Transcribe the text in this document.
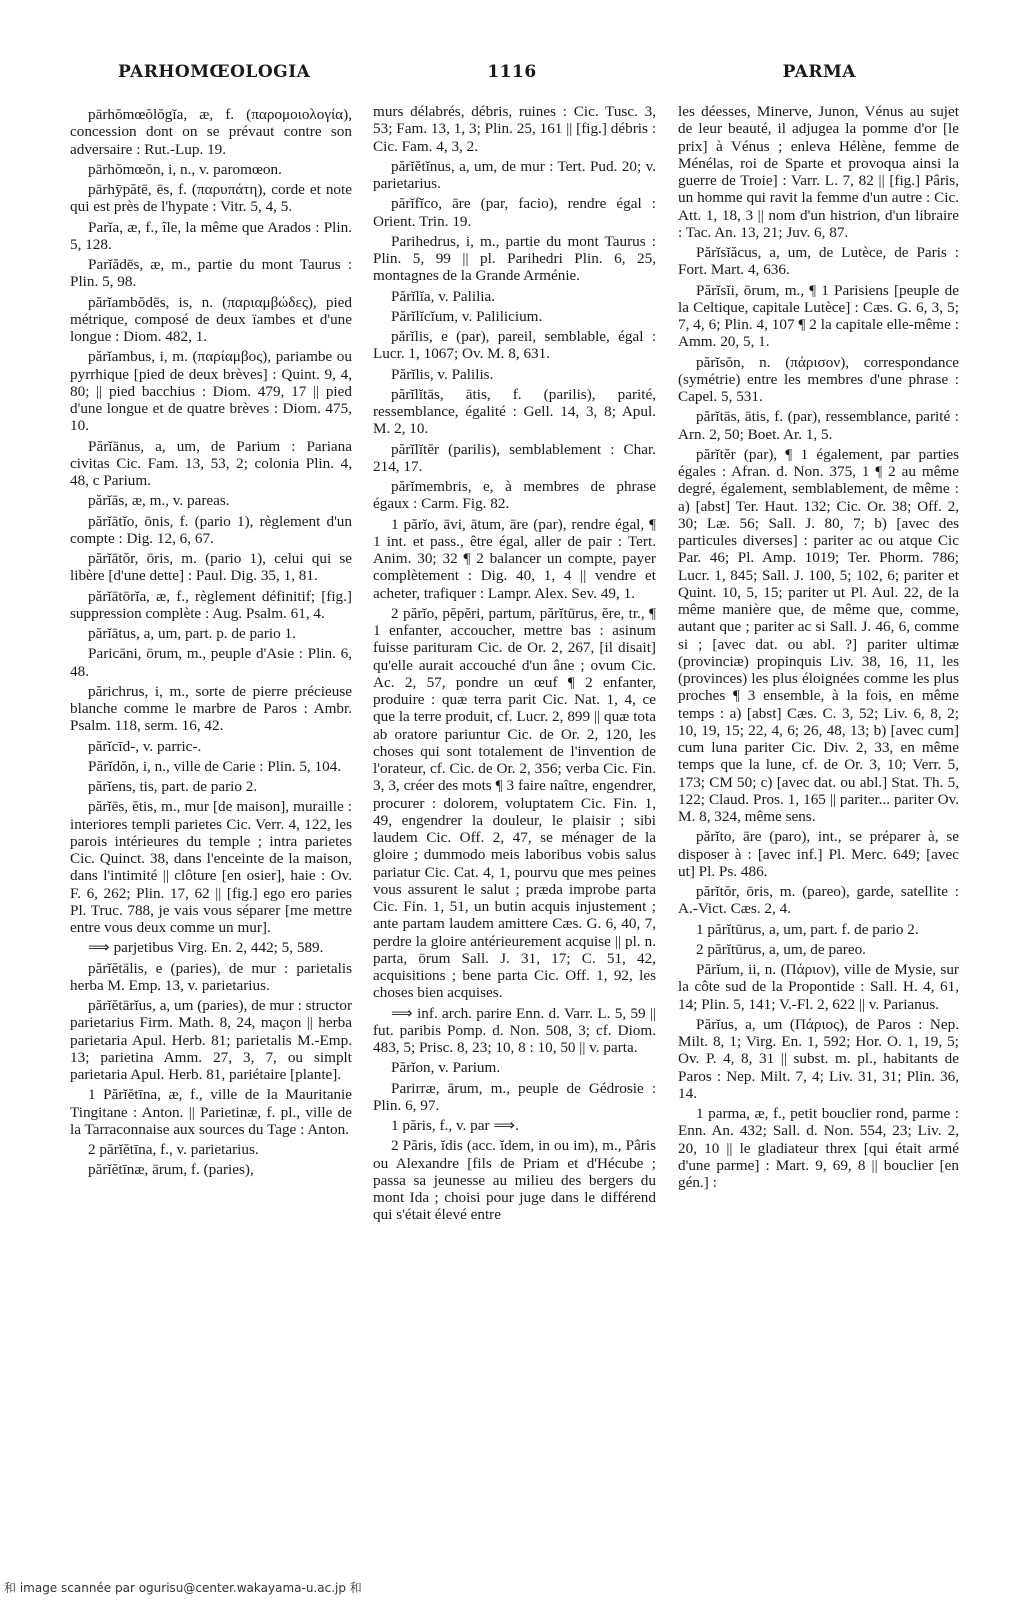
PARHOMŒOLOGIA	1116	PARMA

pārhŏmœŏlŏgĭa, æ, f. (παρομοιολογία), concession dont on se prévaut contre son adversaire : Rut.-Lup. 19.

pārhŏmœŏn, i, n., v. paromœon.

pārhȳpătē, ēs, f. (παρυπάτη), corde et note qui est près de l'hypate : Vitr. 5, 4, 5.

Parĭa, æ, f., île, la même que Arados : Plin. 5, 128.

Parĭădēs, æ, m., partie du mont Taurus : Plin. 5, 98.

părĭambŏdēs, is, n. (παριαμβώδες), pied métrique, composé de deux ïambes et d'une longue : Diom. 482, 1.

părĭambus, i, m. (παρίαμβος), pariambe ou pyrrhique [pied de deux brèves] : Quint. 9, 4, 80; || pied bacchius : Diom. 479, 17 || pied d'une longue et de quatre brèves : Diom. 475, 10.

Părĭānus, a, um, de Parium : Pariana civitas Cic. Fam. 13, 53, 2; colonia Plin. 4, 48, c Parium.

părĭās, æ, m., v. pareas.

părĭātĭo, ōnis, f. (pario 1), règlement d'un compte : Dig. 12, 6, 67.

părĭātŏr, ōris, m. (pario 1), celui qui se libère [d'une dette] : Paul. Dig. 35, 1, 81.

părĭātōrĭa, æ, f., règlement définitif; [fig.] suppression complète : Aug. Psalm. 61, 4.

părĭātus, a, um, part. p. de pario 1.

Paricāni, ōrum, m., peuple d'Asie : Plin. 6, 48.

părichrus, i, m., sorte de pierre précieuse blanche comme le marbre de Paros : Ambr. Psalm. 118, serm. 16, 42.

părĭcīd-, v. parric-.

Părĭdŏn, i, n., ville de Carie : Plin. 5, 104.

părĭens, tis, part. de pario 2.

părĭēs, ĕtis, m., mur [de maison], muraille : interiores templi parietes Cic. Verr. 4, 122, les parois intérieures du temple ; intra parietes Cic. Quinct. 38, dans l'enceinte de la maison, dans l'intimité || clôture [en osier], haie : Ov. F. 6, 262; Plin. 17, 62 || [fig.] ego ero paries Pl. Truc. 788, je vais vous séparer [me mettre entre vous deux comme un mur].

⟹ parjetibus Virg. En. 2, 442; 5, 589.

părĭĕtālis, e (paries), de mur : parietalis herba M. Emp. 13, v. parietarius.

părĭĕtārĭus, a, um (paries), de mur : structor parietarius Firm. Math. 8, 24, maçon || herba parietaria Apul. Herb. 81; parietalis M.-Emp. 13; parietina Amm. 27, 3, 7, ou simplt parietaria Apul. Herb. 81, pariétaire [plante].

1 Părĭĕtīna, æ, f., ville de la Mauritanie Tingitane : Anton. || Parietinæ, f. pl., ville de la Tarraconnaise aux sources du Tage : Anton.

2 părĭĕtīna, f., v. parietarius.

părĭĕtīnæ, ārum, f. (paries),

murs délabrés, débris, ruines : Cic. Tusc. 3, 53; Fam. 13, 1, 3; Plin. 25, 161 || [fig.] débris : Cic. Fam. 4, 3, 2.

părĭĕtĭnus, a, um, de mur : Tert. Pud. 20; v. parietarius.

părĭfĭco, āre (par, facio), rendre égal : Orient. Trin. 19.

Parihedrus, i, m., partie du mont Taurus : Plin. 5, 99 || pl. Parihedri Plin. 6, 25, montagnes de la Grande Arménie.

Părĭlĭa, v. Palilia.

Părĭlĭcĭum, v. Palilicium.

părĭlis, e (par), pareil, semblable, égal : Lucr. 1, 1067; Ov. M. 8, 631.

Părĭlis, v. Palilis.

părĭlĭtās, ātis, f. (parilis), parité, ressemblance, égalité : Gell. 14, 3, 8; Apul. M. 2, 10.

părĭlĭtĕr (parilis), semblablement : Char. 214, 17.

părĭmembris, e, à membres de phrase égaux : Carm. Fig. 82.

1 părĭo, āvi, ātum, āre (par), rendre égal, ¶ 1 int. et pass., être égal, aller de pair : Tert. Anim. 30; 32 ¶ 2 balancer un compte, payer complètement : Dig. 40, 1, 4 || vendre et acheter, trafiquer : Lampr. Alex. Sev. 49, 1.

2 părĭo, pĕpĕri, partum, părĭtūrus, ĕre, tr., ¶ 1 enfanter, accoucher, mettre bas : asinum fuisse parituram Cic. de Or. 2, 267, [il disait] qu'elle aurait accouché d'un âne ; ovum Cic. Ac. 2, 57, pondre un œuf ¶ 2 enfanter, produire : quæ terra parit Cic. Nat. 1, 4, ce que la terre produit, cf. Lucr. 2, 899 || quæ tota ab oratore pariuntur Cic. de Or. 2, 120, les choses qui sont totalement de l'invention de l'orateur, cf. Cic. de Or. 2, 356; verba Cic. Fin. 3, 3, créer des mots ¶ 3 faire naître, engendrer, procurer : dolorem, voluptatem Cic. Fin. 1, 49, engendrer la douleur, le plaisir ; sibi laudem Cic. Off. 2, 47, se ménager de la gloire ; dummodo meis laboribus vobis salus pariatur Cic. Cat. 4, 1, pourvu que mes peines vous assurent le salut ; præda improbe parta Cic. Fin. 1, 51, un butin acquis injustement ; ante partam laudem amittere Cæs. G. 6, 40, 7, perdre la gloire antérieurement acquise || pl. n. parta, ōrum Sall. J. 31, 17; C. 51, 42, acquisitions ; bene parta Cic. Off. 1, 92, les choses bien acquises.

⟹ inf. arch. parire Enn. d. Varr. L. 5, 59 || fut. paribis Pomp. d. Non. 508, 3; cf. Diom. 483, 5; Prisc. 8, 23; 10, 8 : 10, 50 || v. parta.

Părĭon, v. Parium.

Parirræ, ārum, m., peuple de Gédrosie : Plin. 6, 97.

1 păris, f., v. par ⟹.

2 Păris, ĭdis (acc. ĭdem, in ou im), m., Pâris ou Alexandre [fils de Priam et d'Hécube ; passa sa jeunesse au milieu des bergers du mont Ida ; choisi pour juge dans le différend qui s'était élevé entre

les déesses, Minerve, Junon, Vénus au sujet de leur beauté, il adjugea la pomme d'or [le prix] à Vénus ; enleva Hélène, femme de Ménélas, roi de Sparte et provoqua ainsi la guerre de Troie] : Varr. L. 7, 82 || [fig.] Pâris, un homme qui ravit la femme d'un autre : Cic. Att. 1, 18, 3 || nom d'un histrion, d'un libraire : Tac. An. 13, 21; Juv. 6, 87.

Părĭsĭăcus, a, um, de Lutèce, de Paris : Fort. Mart. 4, 636.

Părĭsĭi, ōrum, m., ¶ 1 Parisiens [peuple de la Celtique, capitale Lutèce] : Cæs. G. 6, 3, 5; 7, 4, 6; Plin. 4, 107 ¶ 2 la capitale elle-même : Amm. 20, 5, 1.

părĭsŏn, n. (πάρισον), correspondance (symétrie) entre les membres d'une phrase : Capel. 5, 531.

părĭtās, ātis, f. (par), ressemblance, parité : Arn. 2, 50; Boet. Ar. 1, 5.

părĭtĕr (par), ¶ 1 également, par parties égales : Afran. d. Non. 375, 1 ¶ 2 au même degré, également, semblablement, de même : a) [abst] Ter. Haut. 132; Cic. Or. 38; Off. 2, 30; Læ. 56; Sall. J. 80, 7; b) [avec des particules diverses] : pariter ac ou atque Cic Par. 46; Pl. Amp. 1019; Ter. Phorm. 786; Lucr. 1, 845; Sall. J. 100, 5; 102, 6; pariter et Quint. 10, 5, 15; pariter ut Pl. Aul. 22, de la même manière que, de même que, comme, autant que ; pariter ac si Sall. J. 46, 6, comme si ; [avec dat. ou abl. ?] pariter ultimæ (provinciæ) propinquis Liv. 38, 16, 11, les (provinces) les plus éloignées comme les plus proches ¶ 3 ensemble, à la fois, en même temps : a) [abst] Cæs. C. 3, 52; Liv. 6, 8, 2; 10, 19, 15; 22, 4, 6; 26, 48, 13; b) [avec cum] cum luna pariter Cic. Div. 2, 33, en même temps que la lune, cf. de Or. 3, 10; Verr. 5, 173; CM 50; c) [avec dat. ou abl.] Stat. Th. 5, 122; Claud. Pros. 1, 165 || pariter... pariter Ov. M. 8, 324, même sens.

părĭto, āre (paro), int., se préparer à, se disposer à : [avec inf.] Pl. Merc. 649; [avec ut] Pl. Ps. 486.

părĭtŏr, ōris, m. (pareo), garde, satellite : A.-Vict. Cæs. 2, 4.

1 părĭtūrus, a, um, part. f. de pario 2.

2 părĭtūrus, a, um, de pareo.

Părĭum, ii, n. (Πάριον), ville de Mysie, sur la côte sud de la Propontide : Sall. H. 4, 61, 14; Plin. 5, 141; V.-Fl. 2, 622 || v. Parianus.

Părĭus, a, um (Πάριος), de Paros : Nep. Milt. 8, 1; Virg. En. 1, 592; Hor. O. 1, 19, 5; Ov. P. 4, 8, 31 || subst. m. pl., habitants de Paros : Nep. Milt. 7, 4; Liv. 31, 31; Plin. 36, 14.

1 parma, æ, f., petit bouclier rond, parme : Enn. An. 432; Sall. d. Non. 554, 23; Liv. 2, 20, 10 || le gladiateur threx [qui était armé d'une parme] : Mart. 9, 69, 8 || bouclier [en gén.] :

和 image scannée par ogurisu@center.wakayama-u.ac.jp 和
